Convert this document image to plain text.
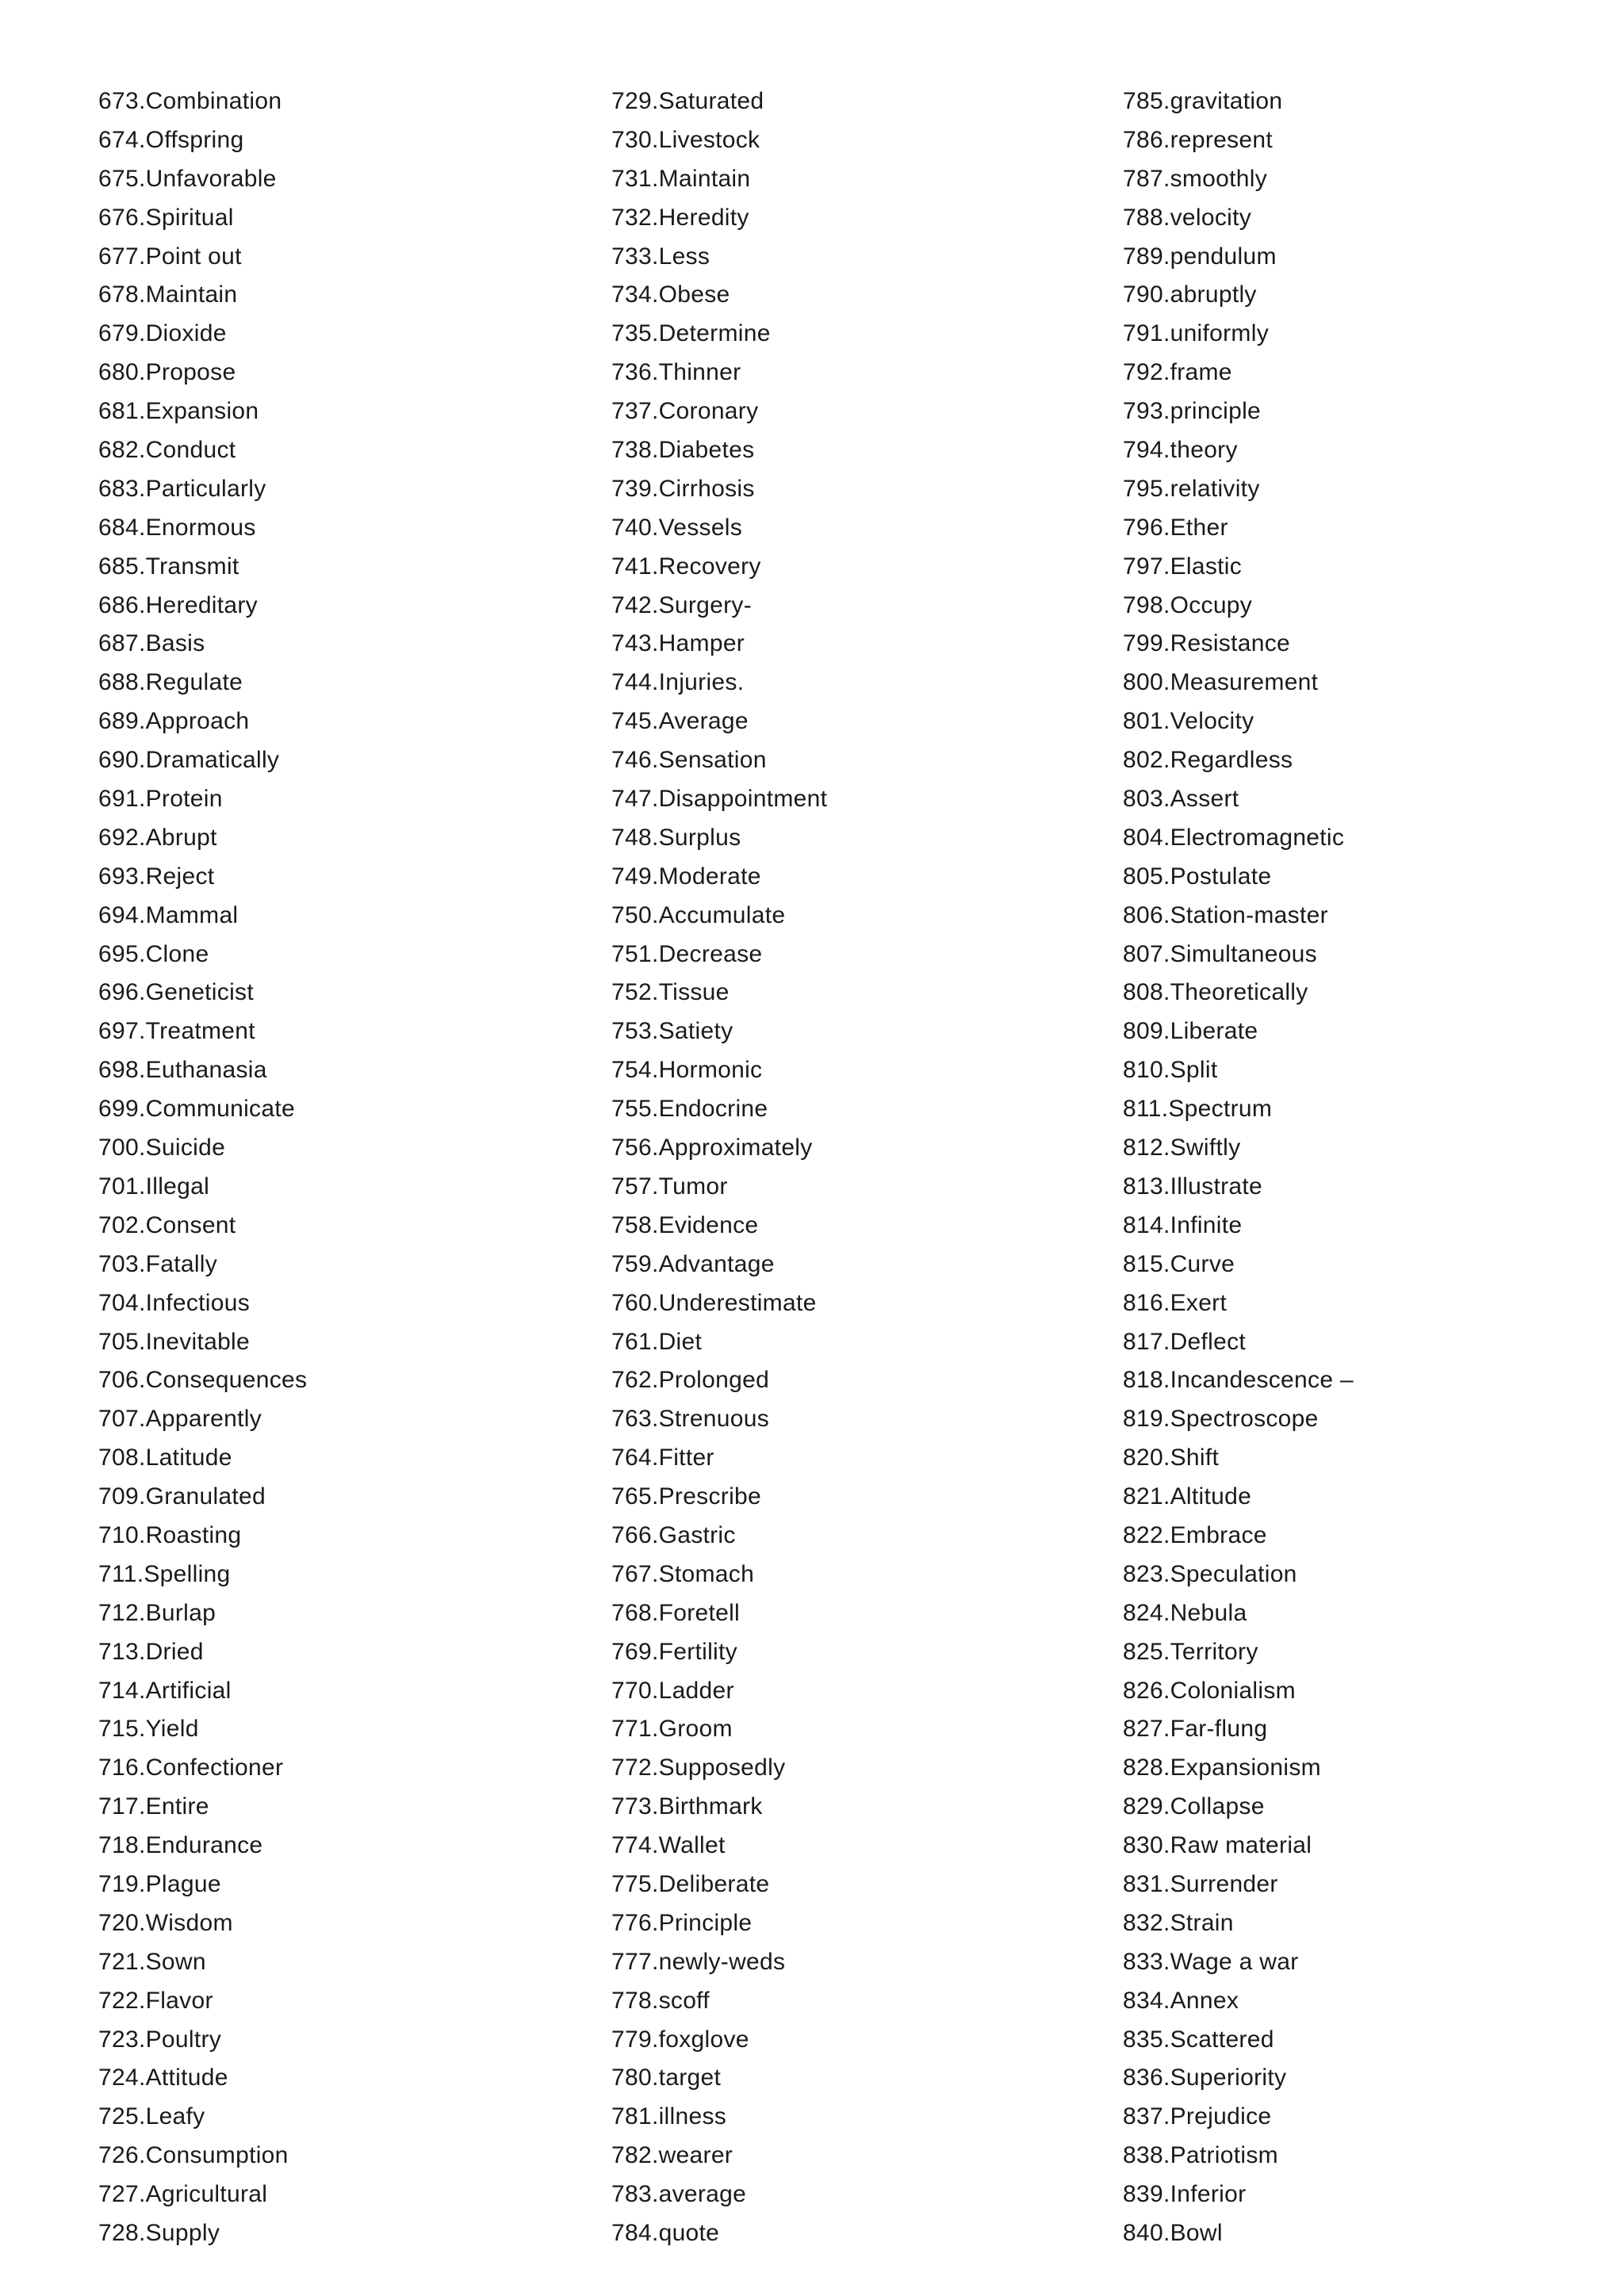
673.Combination
674.Offspring
675.Unfavorable
676.Spiritual
677.Point out
678.Maintain
679.Dioxide
680.Propose
681.Expansion
682.Conduct
683.Particularly
684.Enormous
685.Transmit
686.Hereditary
687.Basis
688.Regulate
689.Approach
690.Dramatically
691.Protein
692.Abrupt
693.Reject
694.Mammal
695.Clone
696.Geneticist
697.Treatment
698.Euthanasia
699.Communicate
700.Suicide
701.Illegal
702.Consent
703.Fatally
704.Infectious
705.Inevitable
706.Consequences
707.Apparently
708.Latitude
709.Granulated
710.Roasting
711.Spelling
712.Burlap
713.Dried
714.Artificial
715.Yield
716.Confectioner
717.Entire
718.Endurance
719.Plague
720.Wisdom
721.Sown
722.Flavor
723.Poultry
724.Attitude
725.Leafy
726.Consumption
727.Agricultural
728.Supply
729.Saturated
730.Livestock
731.Maintain
732.Heredity
733.Less
734.Obese
735.Determine
736.Thinner
737.Coronary
738.Diabetes
739.Cirrhosis
740.Vessels
741.Recovery
742.Surgery-
743.Hamper
744.Injuries.
745.Average
746.Sensation
747.Disappointment
748.Surplus
749.Moderate
750.Accumulate
751.Decrease
752.Tissue
753.Satiety
754.Hormonic
755.Endocrine
756.Approximately
757.Tumor
758.Evidence
759.Advantage
760.Underestimate
761.Diet
762.Prolonged
763.Strenuous
764.Fitter
765.Prescribe
766.Gastric
767.Stomach
768.Foretell
769.Fertility
770.Ladder
771.Groom
772.Supposedly
773.Birthmark
774.Wallet
775.Deliberate
776.Principle
777.newly-weds
778.scoff
779.foxglove
780.target
781.illness
782.wearer
783.average
784.quote
785.gravitation
786.represent
787.smoothly
788.velocity
789.pendulum
790.abruptly
791.uniformly
792.frame
793.principle
794.theory
795.relativity
796.Ether
797.Elastic
798.Occupy
799.Resistance
800.Measurement
801.Velocity
802.Regardless
803.Assert
804.Electromagnetic
805.Postulate
806.Station-master
807.Simultaneous
808.Theoretically
809.Liberate
810.Split
811.Spectrum
812.Swiftly
813.Illustrate
814.Infinite
815.Curve
816.Exert
817.Deflect
818.Incandescence –
819.Spectroscope
820.Shift
821.Altitude
822.Embrace
823.Speculation
824.Nebula
825.Territory
826.Colonialism
827.Far-flung
828.Expansionism
829.Collapse
830.Raw material
831.Surrender
832.Strain
833.Wage a war
834.Annex
835.Scattered
836.Superiority
837.Prejudice
838.Patriotism
839.Inferior
840.Bowl
